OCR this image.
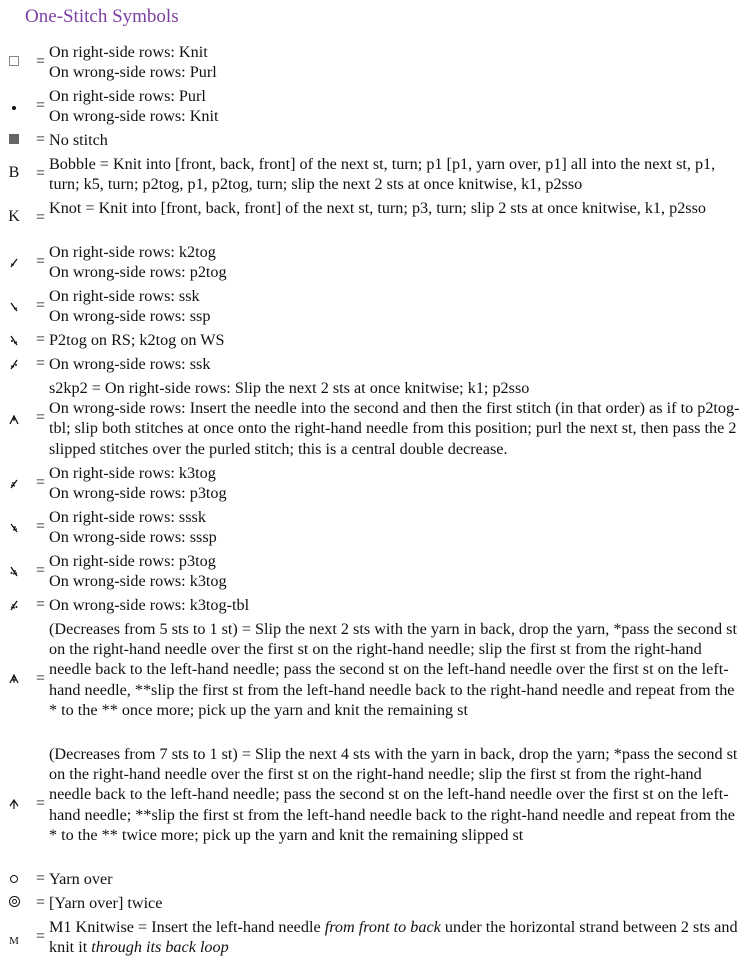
One-Stitch Symbols
=
On right-side rows: Knit
On wrong-side rows: Purl
=
On right-side rows: Purl
On wrong-side rows: Knit
= No stitch
B	=
Bobble = Knit into [front, back, front] of the next st, turn; p1 [p1, yarn over, p1] all into the next st, p1, turn; k5, turn; p2tog, p1, p2tog, turn; slip the next 2 sts at once knitwise, k1, p2sso
K	=
Knot = Knit into [front, back, front] of the next st, turn; p3, turn; slip 2 sts at once knitwise, k1, p2sso
=
On right-side rows: k2tog
On wrong-side rows: p2tog
=
On right-side rows: ssk
On wrong-side rows: ssp
= P2tog on RS; k2tog on WS
= On wrong-side rows: ssk
=
s2kp2 = On right-side rows: Slip the next 2 sts at once knitwise; k1; p2sso
On wrong-side rows: Insert the needle into the second and then the first stitch (in that order) as if to p2tog-tbl; slip both stitches at once onto the right-hand needle from this position; purl the next st, then pass the 2 slipped stitches over the purled stitch; this is a central double decrease.
=
On right-side rows: k3tog
On wrong-side rows: p3tog
=
On right-side rows: sssk
On wrong-side rows: sssp
=
On right-side rows: p3tog
On wrong-side rows: k3tog
= On wrong-side rows: k3tog-tbl
=
(Decreases from 5 sts to 1 st) = Slip the next 2 sts with the yarn in back, drop the yarn, *pass the second st on the right-hand needle over the first st on the right-hand needle; slip the first st from the right-hand needle back to the left-hand needle; pass the second st on the left-hand needle over the first st on the left-hand needle, **slip the first st from the left-hand needle back to the right-hand needle and repeat from the * to the ** once more; pick up the yarn and knit the remaining st
=
(Decreases from 7 sts to 1 st) = Slip the next 4 sts with the yarn in back, drop the yarn; *pass the second st on the right-hand needle over the first st on the right-hand needle; slip the first st from the right-hand needle back to the left-hand needle; pass the second st on the left-hand needle over the first st on the left-hand needle; **slip the first st from the left-hand needle back to the right-hand needle and repeat from the * to the ** twice more; pick up the yarn and knit the remaining slipped st
= Yarn over
= [Yarn over] twice
M	=
M1 Knitwise = Insert the left-hand needle from front to back under the horizontal strand between 2 sts and knit it through its back loop
